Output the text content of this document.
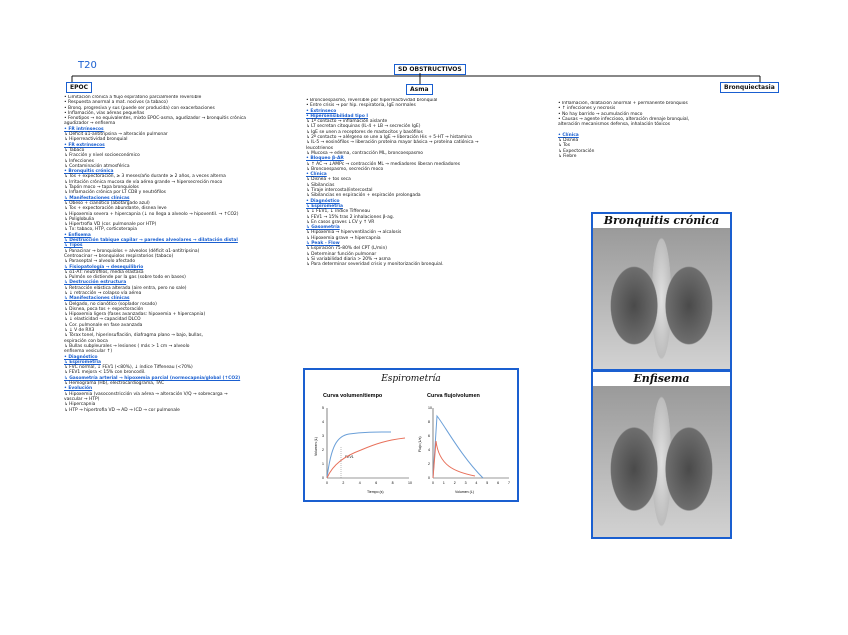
T20	SD OBSTRUCTIVOS
EPOC	Asma	Bronquiectasia
• Limitación crónica a flujo espiratorio parcialmente reversible
• Respuesta anormal a mat. nocivos (a tabaco)
• Bronq. progresiva y sus (puede ser producida) con exacerbaciones
• Inflamación, vías aéreas pequeñas
• Fenotipos → no equivalentes, mixto EPOC-asma, agudizador → bronquitis crónica
agudizador → enfisema
• FR intrínsecos
↳ Déficit α1-antitripsina → alteración pulmonar
↳ Hiperreactividad bronquial
• FR extrínsecos
↳ Tabaco
↳ Fracción y nivel socioeconómico
↳ Infecciones
↳ Contaminación atmosférica
• Bronquitis crónica
↳ Tos + expectoración, ≥ 3 meses/año durante ≥ 2 años, a veces alterna
↳ Irritación crónica mucosa de vía aérea grande → hipersecreción moco
↳ Tapón moco → tapa bronquiolos
↳ Inflamación crónica por LT CD8 y neutrófilos
↳ Manifestaciones clínicas
↳ Obeso + cianótico (abotargado azul)
↳ Tos + expectoración abundante, disnea leve
↳ Hipoxemia severa + hipercapnia (↓ no llega a alveolo → hipoventil. → ↑CO2)
↳ Poliglobulia
↳ Hipertrofia VD (cor. pulmonale por HTP)
↳ Tx: tabaco, HTP, corticoterapia
• Enfisema
↳ Destrucción tabique capilar → paredes alveolares → dilatación distal
↳ Tipos
↳ Panacinar → bronquiolos + alveolos (déficit α1-antitripsina)
Centroacinar → bronquiolos respiratorios (tabaco)
↳ Paraseptal → alveolo afectado
↳ Fisiopatología → desequilibrio
↳ α1-AT: neutrófilos, media elastasa
↳ Pulmón se distiende por la gas (sobre todo en bases)
↳ Destrucción estructura
↳ Retracción elástica alterada (aire entra, pero no sale)
↳ ↓ retracción → colapso vía aérea
↳ Manifestaciones clínicas
↳ Delgado, no cianótico (soplador rosado)
↳ Disnea, poca tos + expectoración
↳ Hipoxemia ligera (fases avanzadas: hipoxemia + hipercapnia)
↳ ↓ elasticidad → capacidad DLCO
↳ Cor. pulmonale en fase avanzada
↳ ↓ V de RX3
↳ Tórax tonel, hiperinsuflación, diafragma plano → bajo, bullas,
espiración con boca
↳ Bullas subpleurales → lesiones ( más > 1 cm → alveolo
enfisema vesicular ↑)
• Diagnóstico
↳ Espirometría
↳ FVC normal, ↓ FEV1 (<80%), ↓ índice Tiffeneau (<70%)
↳ FEV1 mejora < 15% con broncodil.
↳ Gasometría arterial → hipoxemia parcial (normocapnia/global (↑CO2)
↳ Hemograma (Hb), electrocardiograma, TAC
• Evolución
↳ Hipoxemia (vasoconstricción vía aérea → alteración V/Q → sobrecarga →
vascular → HTP)
↳ Hipercapnia
↳ HTP → hipertrofia VD → AD → ICD → cor pulmonale
• Broncoespasmo, reversible por hiperreactividad bronquial
• Entre crisis → por hip. respiratoria, IgE normales
• Extrínseco
• Hipersensibilidad tipo I
↳ 1º contacto → inflamación aislante
↳ LT secretan citoquinas (IL-4 + LB → secreción IgE)
↳ IgE se unen a receptores de mastocitos y basófilos
↳ 2º contacto → alérgeno se une a IgE → liberación His + 5-HT → histamina
↳ IL-5 → eosinófilos → liberación proteína mayor básica → proteína catiónica →
leucotrienos
↳ Mucosa → edema, contracción ML, broncoespasmo
• Bloqueo β-AR
↳ ↑ AC → ↓AMPc → contracción ML → mediadores liberan mediadores
↳ Broncoespasmo, secreción moco
• Clínica
↳ Disnea + tos seca
↳ Sibilancias
↳ Tiraje intercostal/intercostal
↳ Sibilancias en espiración + espiración prolongada
• Diagnóstico
↳ Espirometría
↳ ↓ FEV1, ↓ índice Tiffeneau
↳ FEV1 → 15% tras 2 inhalaciones β-ag.
↳ En casos graves ↓CV y ↑ VR
↳ Gasometría
↳ Hipoxemia → hiperventilación → alcalosis
↳ Hipoxemia grave → hipercapnia
↳ Peak - Flow
↳ Espiración 75-80% del CPT (L/min)
↳ Determinar función pulmonar
↳ Si variabilidad diaria > 20% → asma
↳ Para determinar severidad crisis y monitorización bronquial.
• Inflamación, dilatación anormal + permanente bronquios
• ↑ infecciones y necrosis
• No hay barrido → acumulación moco
• Causas → agente infeccioso, alteración drenaje bronquial,
alteración mecanismos defensa, inhalación tóxicos
• Clínica
↳ Disnea
↳ Tos
↳ Expectoración
↳ Fiebre
Espirometría
Curva volumen/tiempo	Curva flujo/volumen
0	2	4	6	8	10
0
1
2
3
4
5
0	1	2	3	4	5	6	7
0
2
4
6
8
10
Tiempo (s)	Volumen (L)
Volumen (L)	Flujo (L/s)
FEV1
Bronquitis crónica
Enfisema
